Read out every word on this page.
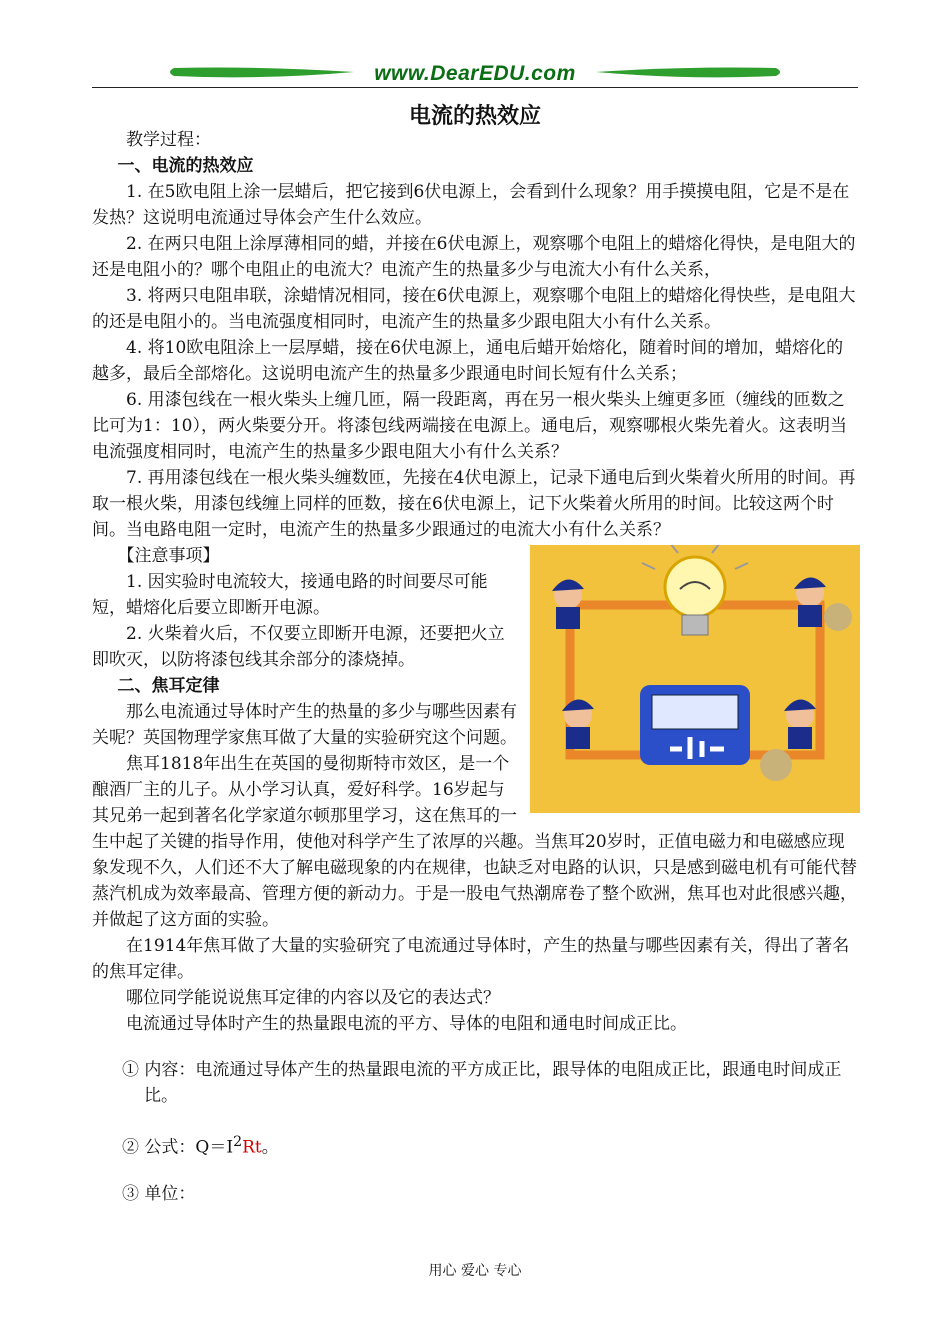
www.DearEDU.com
电流的热效应

教学过程：

一、电流的热效应

1. 在5欧电阻上涂一层蜡后，把它接到6伏电源上，会看到什么现象？用手摸摸电阻，它是不是在发热？这说明电流通过导体会产生什么效应。

2. 在两只电阻上涂厚薄相同的蜡，并接在6伏电源上，观察哪个电阻上的蜡熔化得快，是电阻大的还是电阻小的？哪个电阻止的电流大？电流产生的热量多少与电流大小有什么关系，

3. 将两只电阻串联，涂蜡情况相同，接在6伏电源上，观察哪个电阻上的蜡熔化得快些，是电阻大的还是电阻小的。当电流强度相同时，电流产生的热量多少跟电阻大小有什么关系。

4. 将10欧电阻涂上一层厚蜡，接在6伏电源上，通电后蜡开始熔化，随着时间的增加，蜡熔化的越多，最后全部熔化。这说明电流产生的热量多少跟通电时间长短有什么关系；

6. 用漆包线在一根火柴头上缠几匝，隔一段距离，再在另一根火柴头上缠更多匝（缠线的匝数之比可为1：10），两火柴要分开。将漆包线两端接在电源上。通电后，观察哪根火柴先着火。这表明当电流强度相同时，电流产生的热量多少跟电阻大小有什么关系？

7. 再用漆包线在一根火柴头缠数匝，先接在4伏电源上，记录下通电后到火柴着火所用的时间。再取一根火柴，用漆包线缠上同样的匝数，接在6伏电源上，记下火柴着火所用的时间。比较这两个时间。当电路电阻一定时，电流产生的热量多少跟通过的电流大小有什么关系？

【注意事项】

1. 因实验时电流较大，接通电路的时间要尽可能短，蜡熔化后要立即断开电源。

2. 火柴着火后，不仅要立即断开电源，还要把火立即吹灭，以防将漆包线其余部分的漆烧掉。

二、焦耳定律

那么电流通过导体时产生的热量的多少与哪些因素有关呢？英国物理学家焦耳做了大量的实验研究这个问题。

焦耳1818年出生在英国的曼彻斯特市效区，是一个酿酒厂主的儿子。从小学习认真，爱好科学。16岁起与其兄弟一起到著名化学家道尔顿那里学习，这在焦耳的一生中起了关键的指导作用，使他对科学产生了浓厚的兴趣。当焦耳20岁时，正值电磁力和电磁感应现象发现不久，人们还不大了解电磁现象的内在规律，也缺乏对电路的认识，只是感到磁电机有可能代替蒸汽机成为效率最高、管理方便的新动力。于是一股电气热潮席卷了整个欧洲，焦耳也对此很感兴趣，并做起了这方面的实验。

在1914年焦耳做了大量的实验研究了电流通过导体时，产生的热量与哪些因素有关，得出了著名的焦耳定律。

哪位同学能说说焦耳定律的内容以及它的表达式？

电流通过导体时产生的热量跟电流的平方、导体的电阻和通电时间成正比。

① 内容：电流通过导体产生的热量跟电流的平方成正比，跟导体的电阻成正比，跟通电时间成正比。

② 公式：$Q=I^2Rt$。

③ 单位：

用心 爱心 专心
